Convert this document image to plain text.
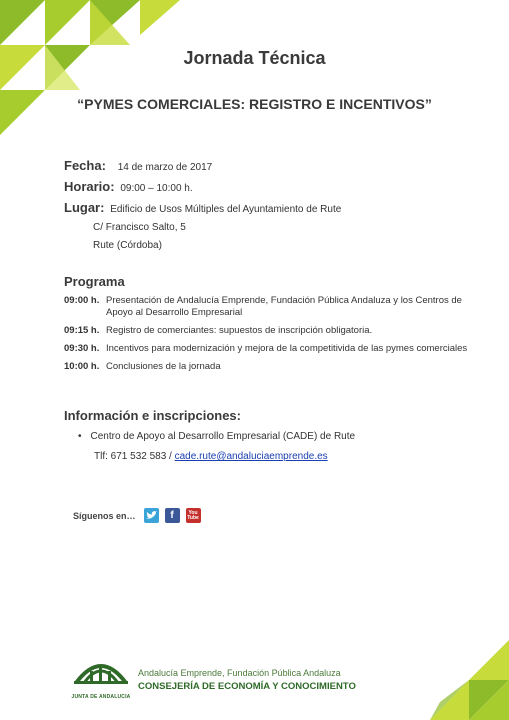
Jornada Técnica
“PYMES COMERCIALES: REGISTRO E INCENTIVOS”
Fecha: 14 de marzo de 2017
Horario: 09:00 – 10:00 h.
Lugar: Edificio de Usos Múltiples del Ayuntamiento de Rute
C/ Francisco Salto, 5
Rute (Córdoba)
Programa
09:00 h. Presentación de Andalucía Emprende, Fundación Pública Andaluza y los Centros de
Apoyo al Desarrollo Empresarial
09:15 h. Registro de comerciantes: supuestos de inscripción obligatoria.
09:30 h. Incentivos para modernización y mejora de la competitivida de las pymes comerciales
10:00 h. Conclusiones de la jornada
Información e inscripciones:
• Centro de Apoyo al Desarrollo Empresarial (CADE) de Rute
Tlf: 671 532 583 / cade.rute@andaluciaemprende.es
Síguenos en…	f	You Tube
JUNTA DE ANDALUCIA
Andalucía Emprende, Fundación Pública Andaluza
CONSEJERÍA DE ECONOMÍA Y CONOCIMIENTO
